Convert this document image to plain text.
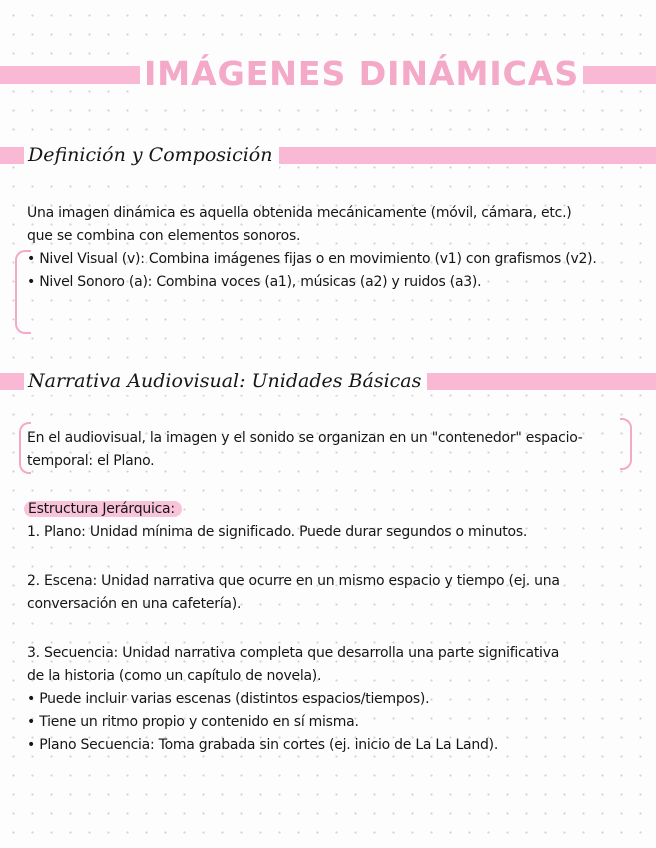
IMÁGENES DINÁMICAS
Definición y Composición
Una imagen dinámica es aquella obtenida mecánicamente (móvil, cámara, etc.)
que se combina con elementos sonoros.
• Nivel Visual (v): Combina imágenes fijas o en movimiento (v1) con grafismos (v2).
• Nivel Sonoro (a): Combina voces (a1), músicas (a2) y ruidos (a3).
Narrativa Audiovisual: Unidades Básicas
En el audiovisual, la imagen y el sonido se organizan en un "contenedor" espacio-
temporal: el Plano.
Estructura Jerárquica:
1. Plano: Unidad mínima de significado. Puede durar segundos o minutos.
2. Escena: Unidad narrativa que ocurre en un mismo espacio y tiempo (ej. una
conversación en una cafetería).
3. Secuencia: Unidad narrativa completa que desarrolla una parte significativa
de la historia (como un capítulo de novela).
• Puede incluir varias escenas (distintos espacios/tiempos).
• Tiene un ritmo propio y contenido en sí misma.
• Plano Secuencia: Toma grabada sin cortes (ej. inicio de La La Land).
